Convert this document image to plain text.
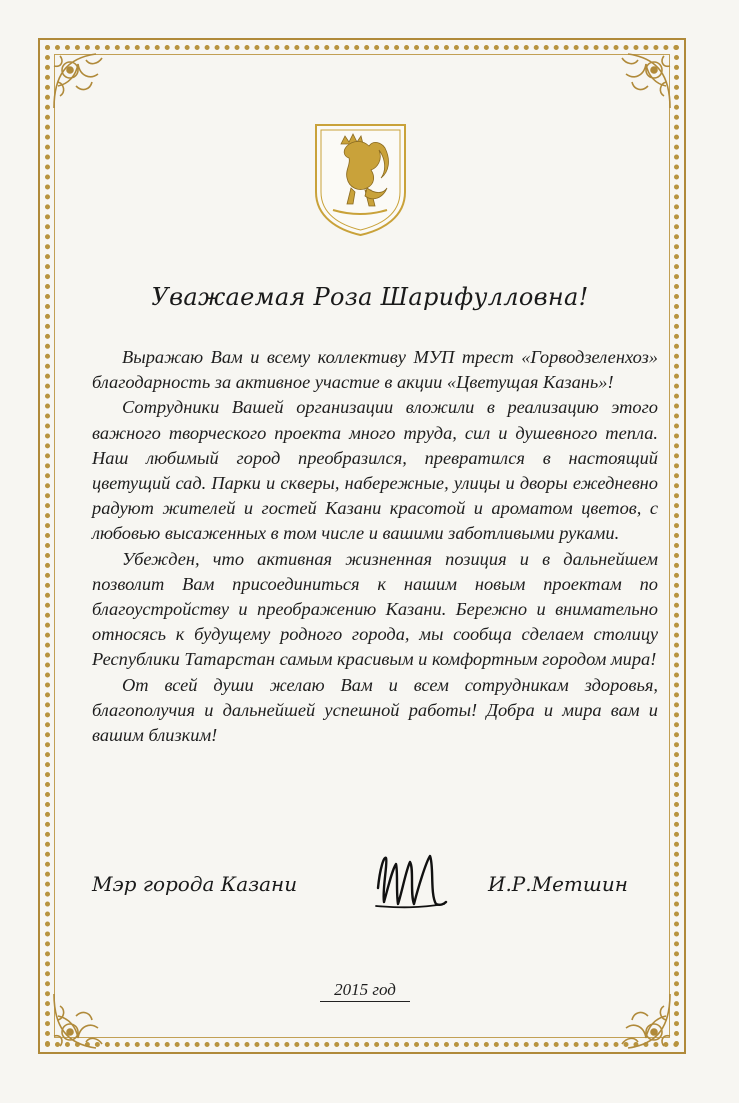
Уважаемая Роза Шарифулловна!

Выражаю Вам и всему коллективу МУП трест «Горводзеленхоз» благодарность за активное участие в акции «Цветущая Казань»!

Сотрудники Вашей организации вложили в реализацию этого важного творческого проекта много труда, сил и душевного тепла. Наш любимый город преобразился, превратился в настоящий цветущий сад. Парки и скверы, набережные, улицы и дворы ежедневно радуют жителей и гостей Казани красотой и ароматом цветов, с любовью высаженных в том числе и вашими заботливыми руками.

Убежден, что активная жизненная позиция и в дальнейшем позволит Вам присоединиться к нашим новым проектам по благоустройству и преображению Казани. Бережно и внимательно относясь к будущему родного города, мы сообща сделаем столицу Республики Татарстан самым красивым и комфортным городом мира!

От всей души желаю Вам и всем сотрудникам здоровья, благополучия и дальнейшей успешной работы! Добра и мира вам и вашим близким!

Мэр города Казани	И.Р.Метшин
2015 год
